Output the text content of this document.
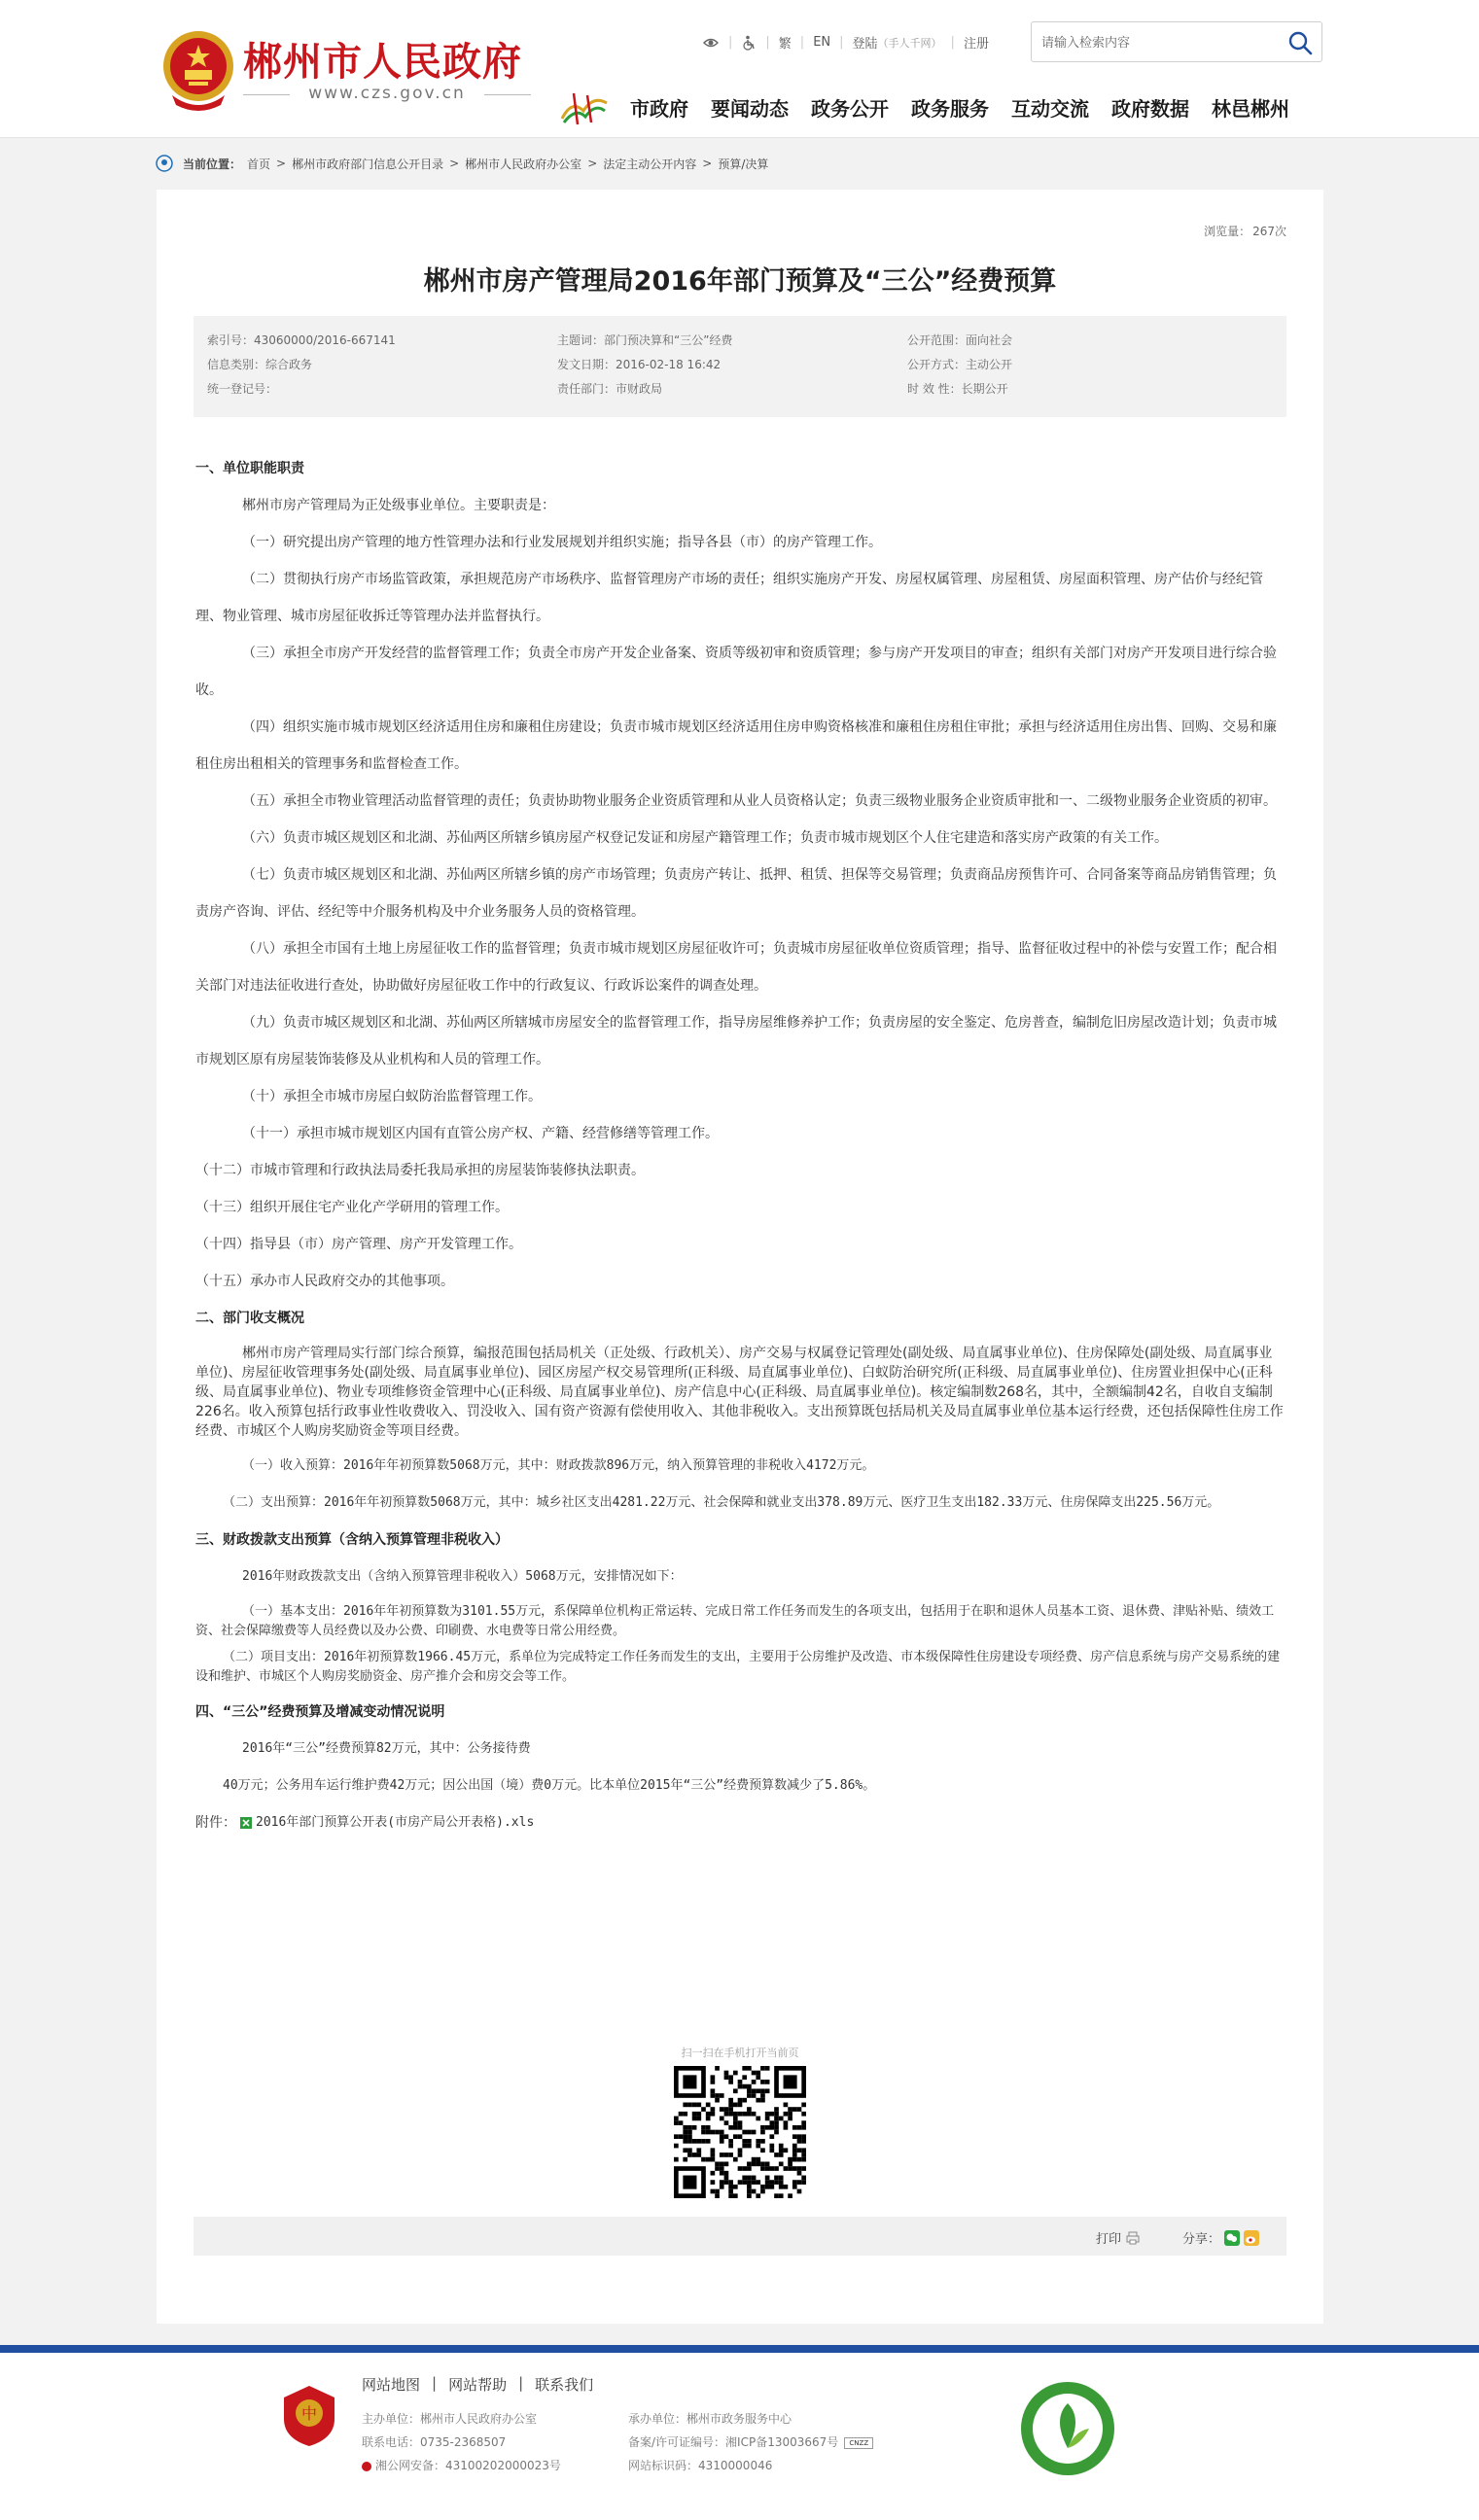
郴州市人民政府
www.czs.gov.cn
|	| 繁 | EN | 登陆 （手人千网） | 注册
请输入检索内容
市政府 要闻动态 政务公开 政务服务 互动交流 政府数据 林邑郴州
当前位置： 首页 > 郴州市政府部门信息公开目录 > 郴州市人民政府办公室 > 法定主动公开内容 > 预算/决算
浏览量： 267次
郴州市房产管理局2016年部门预算及“三公”经费预算
索引号：43060000/2016-667141	主题词：部门预决算和“三公”经费	公开范围：面向社会
信息类别：综合政务	发文日期：2016-02-18 16:42	公开方式：主动公开
统一登记号：	责任部门：市财政局	时 效 性：长期公开

一、单位职能职责

郴州市房产管理局为正处级事业单位。主要职责是：

（一）研究提出房产管理的地方性管理办法和行业发展规划并组织实施；指导各县（市）的房产管理工作。

（二）贯彻执行房产市场监管政策，承担规范房产市场秩序、监督管理房产市场的责任；组织实施房产开发、房屋权属管理、房屋租赁、房屋面积管理、房产估价与经纪管理、物业管理、城市房屋征收拆迁等管理办法并监督执行。

（三）承担全市房产开发经营的监督管理工作；负责全市房产开发企业备案、资质等级初审和资质管理；参与房产开发项目的审查；组织有关部门对房产开发项目进行综合验收。

（四）组织实施市城市规划区经济适用住房和廉租住房建设；负责市城市规划区经济适用住房申购资格核准和廉租住房租住审批；承担与经济适用住房出售、回购、交易和廉租住房出租相关的管理事务和监督检查工作。

（五）承担全市物业管理活动监督管理的责任；负责协助物业服务企业资质管理和从业人员资格认定；负责三级物业服务企业资质审批和一、二级物业服务企业资质的初审。

（六）负责市城区规划区和北湖、苏仙两区所辖乡镇房屋产权登记发证和房屋产籍管理工作；负责市城市规划区个人住宅建造和落实房产政策的有关工作。

（七）负责市城区规划区和北湖、苏仙两区所辖乡镇的房产市场管理；负责房产转让、抵押、租赁、担保等交易管理；负责商品房预售许可、合同备案等商品房销售管理；负责房产咨询、评估、经纪等中介服务机构及中介业务服务人员的资格管理。

（八）承担全市国有土地上房屋征收工作的监督管理；负责市城市规划区房屋征收许可；负责城市房屋征收单位资质管理；指导、监督征收过程中的补偿与安置工作；配合相关部门对违法征收进行查处，协助做好房屋征收工作中的行政复议、行政诉讼案件的调查处理。

（九）负责市城区规划区和北湖、苏仙两区所辖城市房屋安全的监督管理工作，指导房屋维修养护工作；负责房屋的安全鉴定、危房普查，编制危旧房屋改造计划；负责市城市规划区原有房屋装饰装修及从业机构和人员的管理工作。

（十）承担全市城市房屋白蚁防治监督管理工作。

（十一）承担市城市规划区内国有直管公房产权、产籍、经营修缮等管理工作。

（十二）市城市管理和行政执法局委托我局承担的房屋装饰装修执法职责。

（十三）组织开展住宅产业化产学研用的管理工作。

（十四）指导县（市）房产管理、房产开发管理工作。

（十五）承办市人民政府交办的其他事项。

二、部门收支概况

郴州市房产管理局实行部门综合预算，编报范围包括局机关（正处级、行政机关）、房产交易与权属登记管理处(副处级、局直属事业单位)、住房保障处(副处级、局直属事业单位)、房屋征收管理事务处(副处级、局直属事业单位)、园区房屋产权交易管理所(正科级、局直属事业单位)、白蚁防治研究所(正科级、局直属事业单位)、住房置业担保中心(正科级、局直属事业单位)、物业专项维修资金管理中心(正科级、局直属事业单位)、房产信息中心(正科级、局直属事业单位)。核定编制数268名，其中，全额编制42名，自收自支编制226名。收入预算包括行政事业性收费收入、罚没收入、国有资产资源有偿使用收入、其他非税收入。支出预算既包括局机关及局直属事业单位基本运行经费，还包括保障性住房工作经费、市城区个人购房奖励资金等项目经费。

（一）收入预算：2016年年初预算数5068万元，其中：财政拨款896万元，纳入预算管理的非税收入4172万元。

（二）支出预算：2016年年初预算数5068万元，其中：城乡社区支出4281.22万元、社会保障和就业支出378.89万元、医疗卫生支出182.33万元、住房保障支出225.56万元。

三、财政拨款支出预算（含纳入预算管理非税收入）

2016年财政拨款支出（含纳入预算管理非税收入）5068万元，安排情况如下：

（一）基本支出：2016年年初预算数为3101.55万元，系保障单位机构正常运转、完成日常工作任务而发生的各项支出，包括用于在职和退休人员基本工资、退休费、津贴补贴、绩效工资、社会保障缴费等人员经费以及办公费、印刷费、水电费等日常公用经费。

（二）项目支出：2016年初预算数1966.45万元，系单位为完成特定工作任务而发生的支出，主要用于公房维护及改造、市本级保障性住房建设专项经费、房产信息系统与房产交易系统的建设和维护、市城区个人购房奖励资金、房产推介会和房交会等工作。

四、“三公”经费预算及增减变动情况说明

2016年“三公”经费预算82万元，其中：公务接待费

40万元；公务用车运行维护费42万元；因公出国（境）费0万元。比本单位2015年“三公”经费预算数减少了5.86%。

附件： 2016年部门预算公开表(市房产局公开表格).xls

扫一扫在手机打开当前页
打印	分享：
中
网站地图 | 网站帮助 | 联系我们
主办单位：郴州市人民政府办公室	承办单位：郴州市政务服务中心
联系电话：0735-2368507	备案/许可证编号：湘ICP备13003667号 CNZZ
湘公网安备：43100202000023号	网站标识码：4310000046
